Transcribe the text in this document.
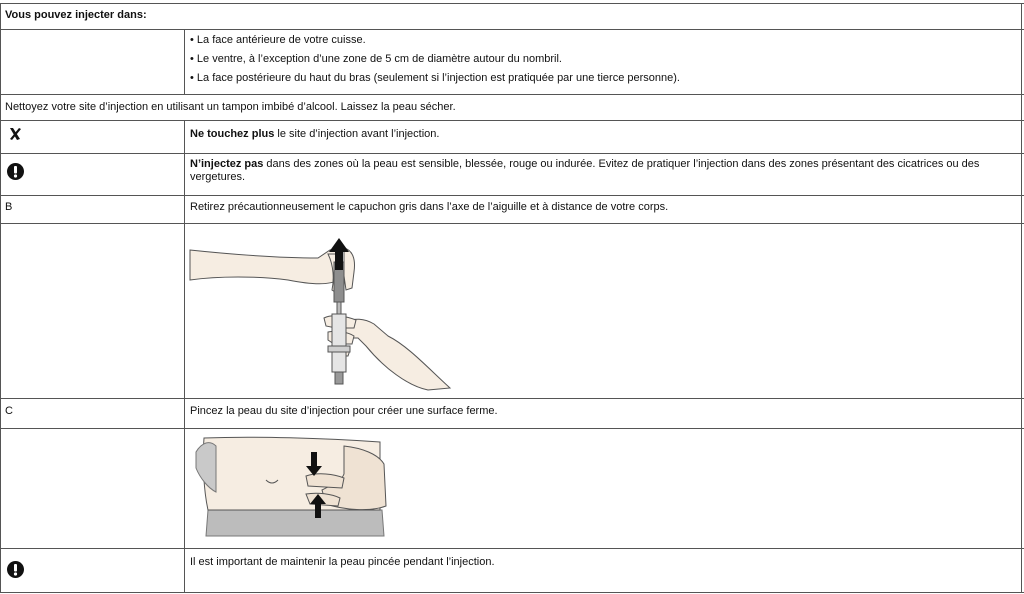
Vous pouvez injecter dans:
• La face antérieure de votre cuisse.
• Le ventre, à l’exception d’une zone de 5 cm de diamètre autour du nombril.
• La face postérieure du haut du bras (seulement si l’injection est pratiquée par une tierce personne).
Nettoyez votre site d’injection en utilisant un tampon imbibé d’alcool. Laissez la peau sécher.
Ne touchez plus le site d’injection avant l’injection.
N’injectez pas dans des zones où la peau est sensible, blessée, rouge ou indurée. Evitez de pratiquer l’injection dans des zones présentant des cicatrices ou des vergetures.
B	Retirez précautionneusement le capuchon gris dans l’axe de l’aiguille et à distance de votre corps.
C	Pincez la peau du site d’injection pour créer une surface ferme.
Il est important de maintenir la peau pincée pendant l’injection.
